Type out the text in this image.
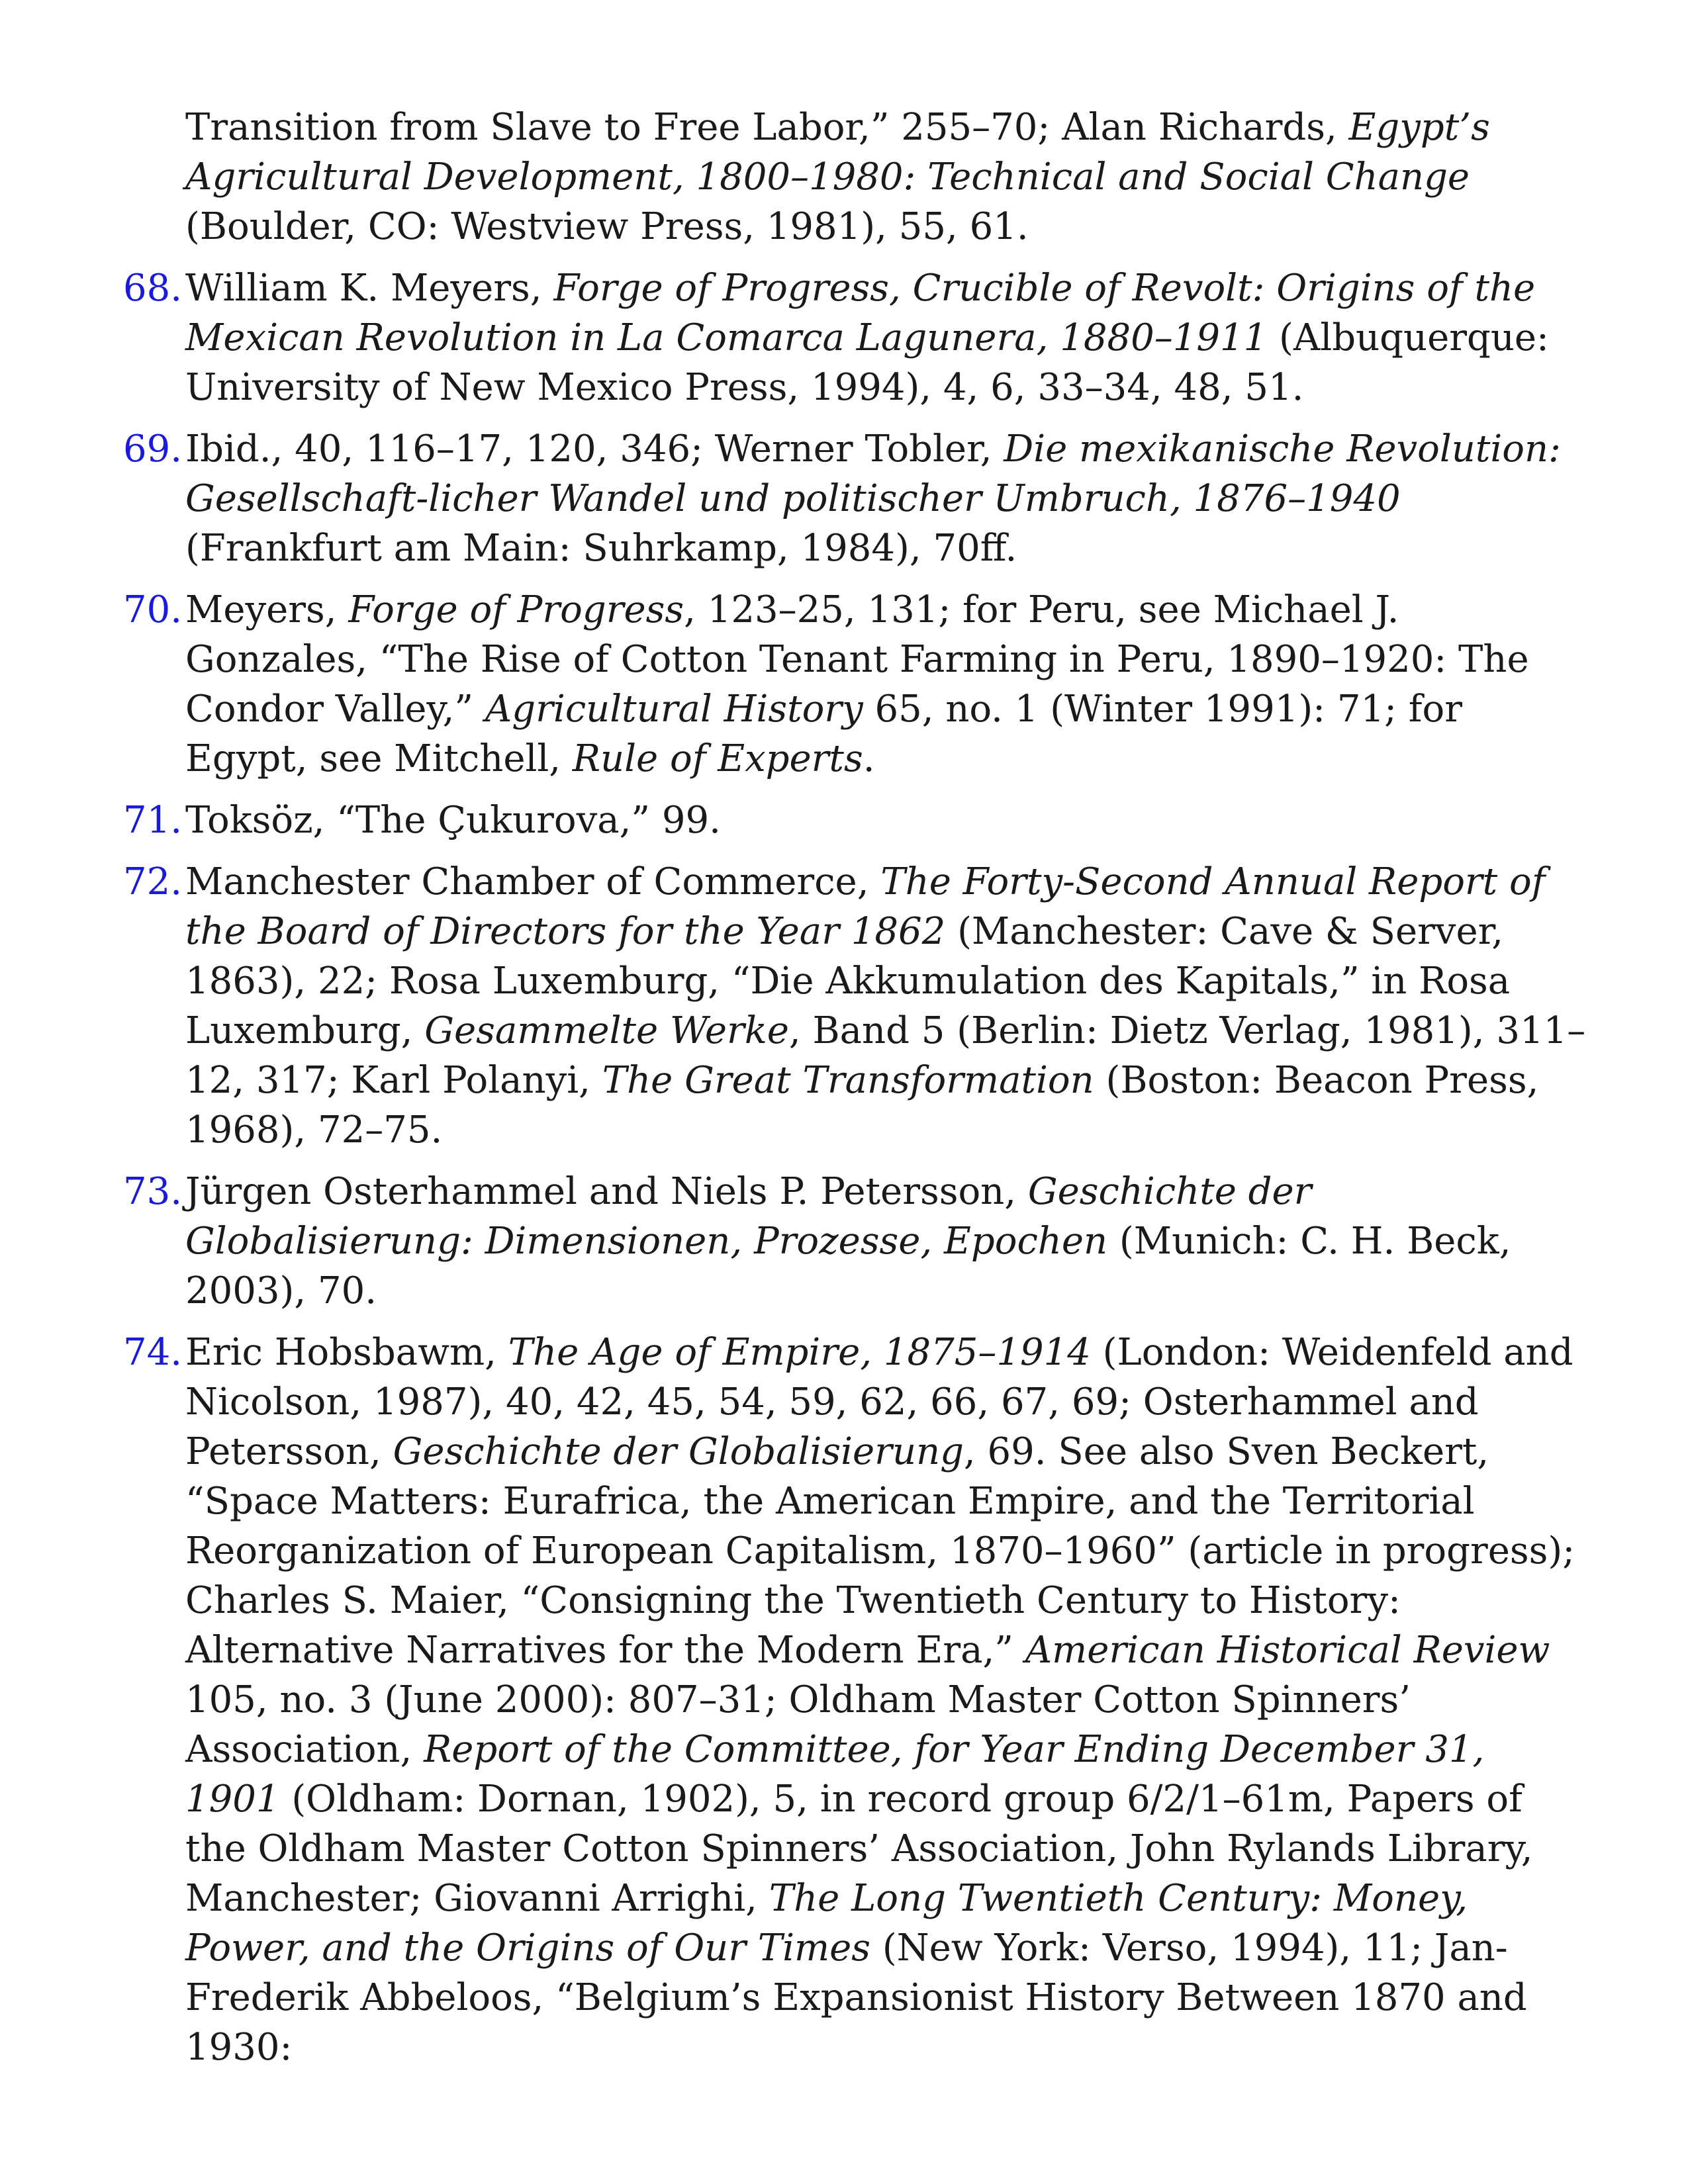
Transition from Slave to Free Labor,” 255–70; Alan Richards, Egypt’s Agricultural Development, 1800–1980: Technical and Social Change (Boulder, CO: Westview Press, 1981), 55, 61.
68. William K. Meyers, Forge of Progress, Crucible of Revolt: Origins of the Mexican Revolution in La Comarca Lagunera, 1880–1911 (Albuquerque: University of New Mexico Press, 1994), 4, 6, 33–34, 48, 51.
69. Ibid., 40, 116–17, 120, 346; Werner Tobler, Die mexikanische Revolution: Gesellschaft-licher Wandel und politischer Umbruch, 1876–1940 (Frankfurt am Main: Suhrkamp, 1984), 70ff.
70. Meyers, Forge of Progress, 123–25, 131; for Peru, see Michael J. Gonzales, “The Rise of Cotton Tenant Farming in Peru, 1890–1920: The Condor Valley,” Agricultural History 65, no. 1 (Winter 1991): 71; for Egypt, see Mitchell, Rule of Experts.
71. Toksöz, “The Çukurova,” 99.
72. Manchester Chamber of Commerce, The Forty-Second Annual Report of the Board of Directors for the Year 1862 (Manchester: Cave & Server, 1863), 22; Rosa Luxemburg, “Die Akkumulation des Kapitals,” in Rosa Luxemburg, Gesammelte Werke, Band 5 (Berlin: Dietz Verlag, 1981), 311–12, 317; Karl Polanyi, The Great Transformation (Boston: Beacon Press, 1968), 72–75.
73. Jürgen Osterhammel and Niels P. Petersson, Geschichte der Globalisierung: Dimensionen, Prozesse, Epochen (Munich: C. H. Beck, 2003), 70.
74. Eric Hobsbawm, The Age of Empire, 1875–1914 (London: Weidenfeld and Nicolson, 1987), 40, 42, 45, 54, 59, 62, 66, 67, 69; Osterhammel and Petersson, Geschichte der Globalisierung, 69. See also Sven Beckert, “Space Matters: Eurafrica, the American Empire, and the Territorial Reorganization of European Capitalism, 1870–1960” (article in progress); Charles S. Maier, “Consigning the Twentieth Century to History: Alternative Narratives for the Modern Era,” American Historical Review 105, no. 3 (June 2000): 807–31; Oldham Master Cotton Spinners’ Association, Report of the Committee, for Year Ending December 31, 1901 (Oldham: Dornan, 1902), 5, in record group 6/2/1–61m, Papers of the Oldham Master Cotton Spinners’ Association, John Rylands Library, Manchester; Giovanni Arrighi, The Long Twentieth Century: Money, Power, and the Origins of Our Times (New York: Verso, 1994), 11; Jan-Frederik Abbeloos, “Belgium’s Expansionist History Between 1870 and 1930:
